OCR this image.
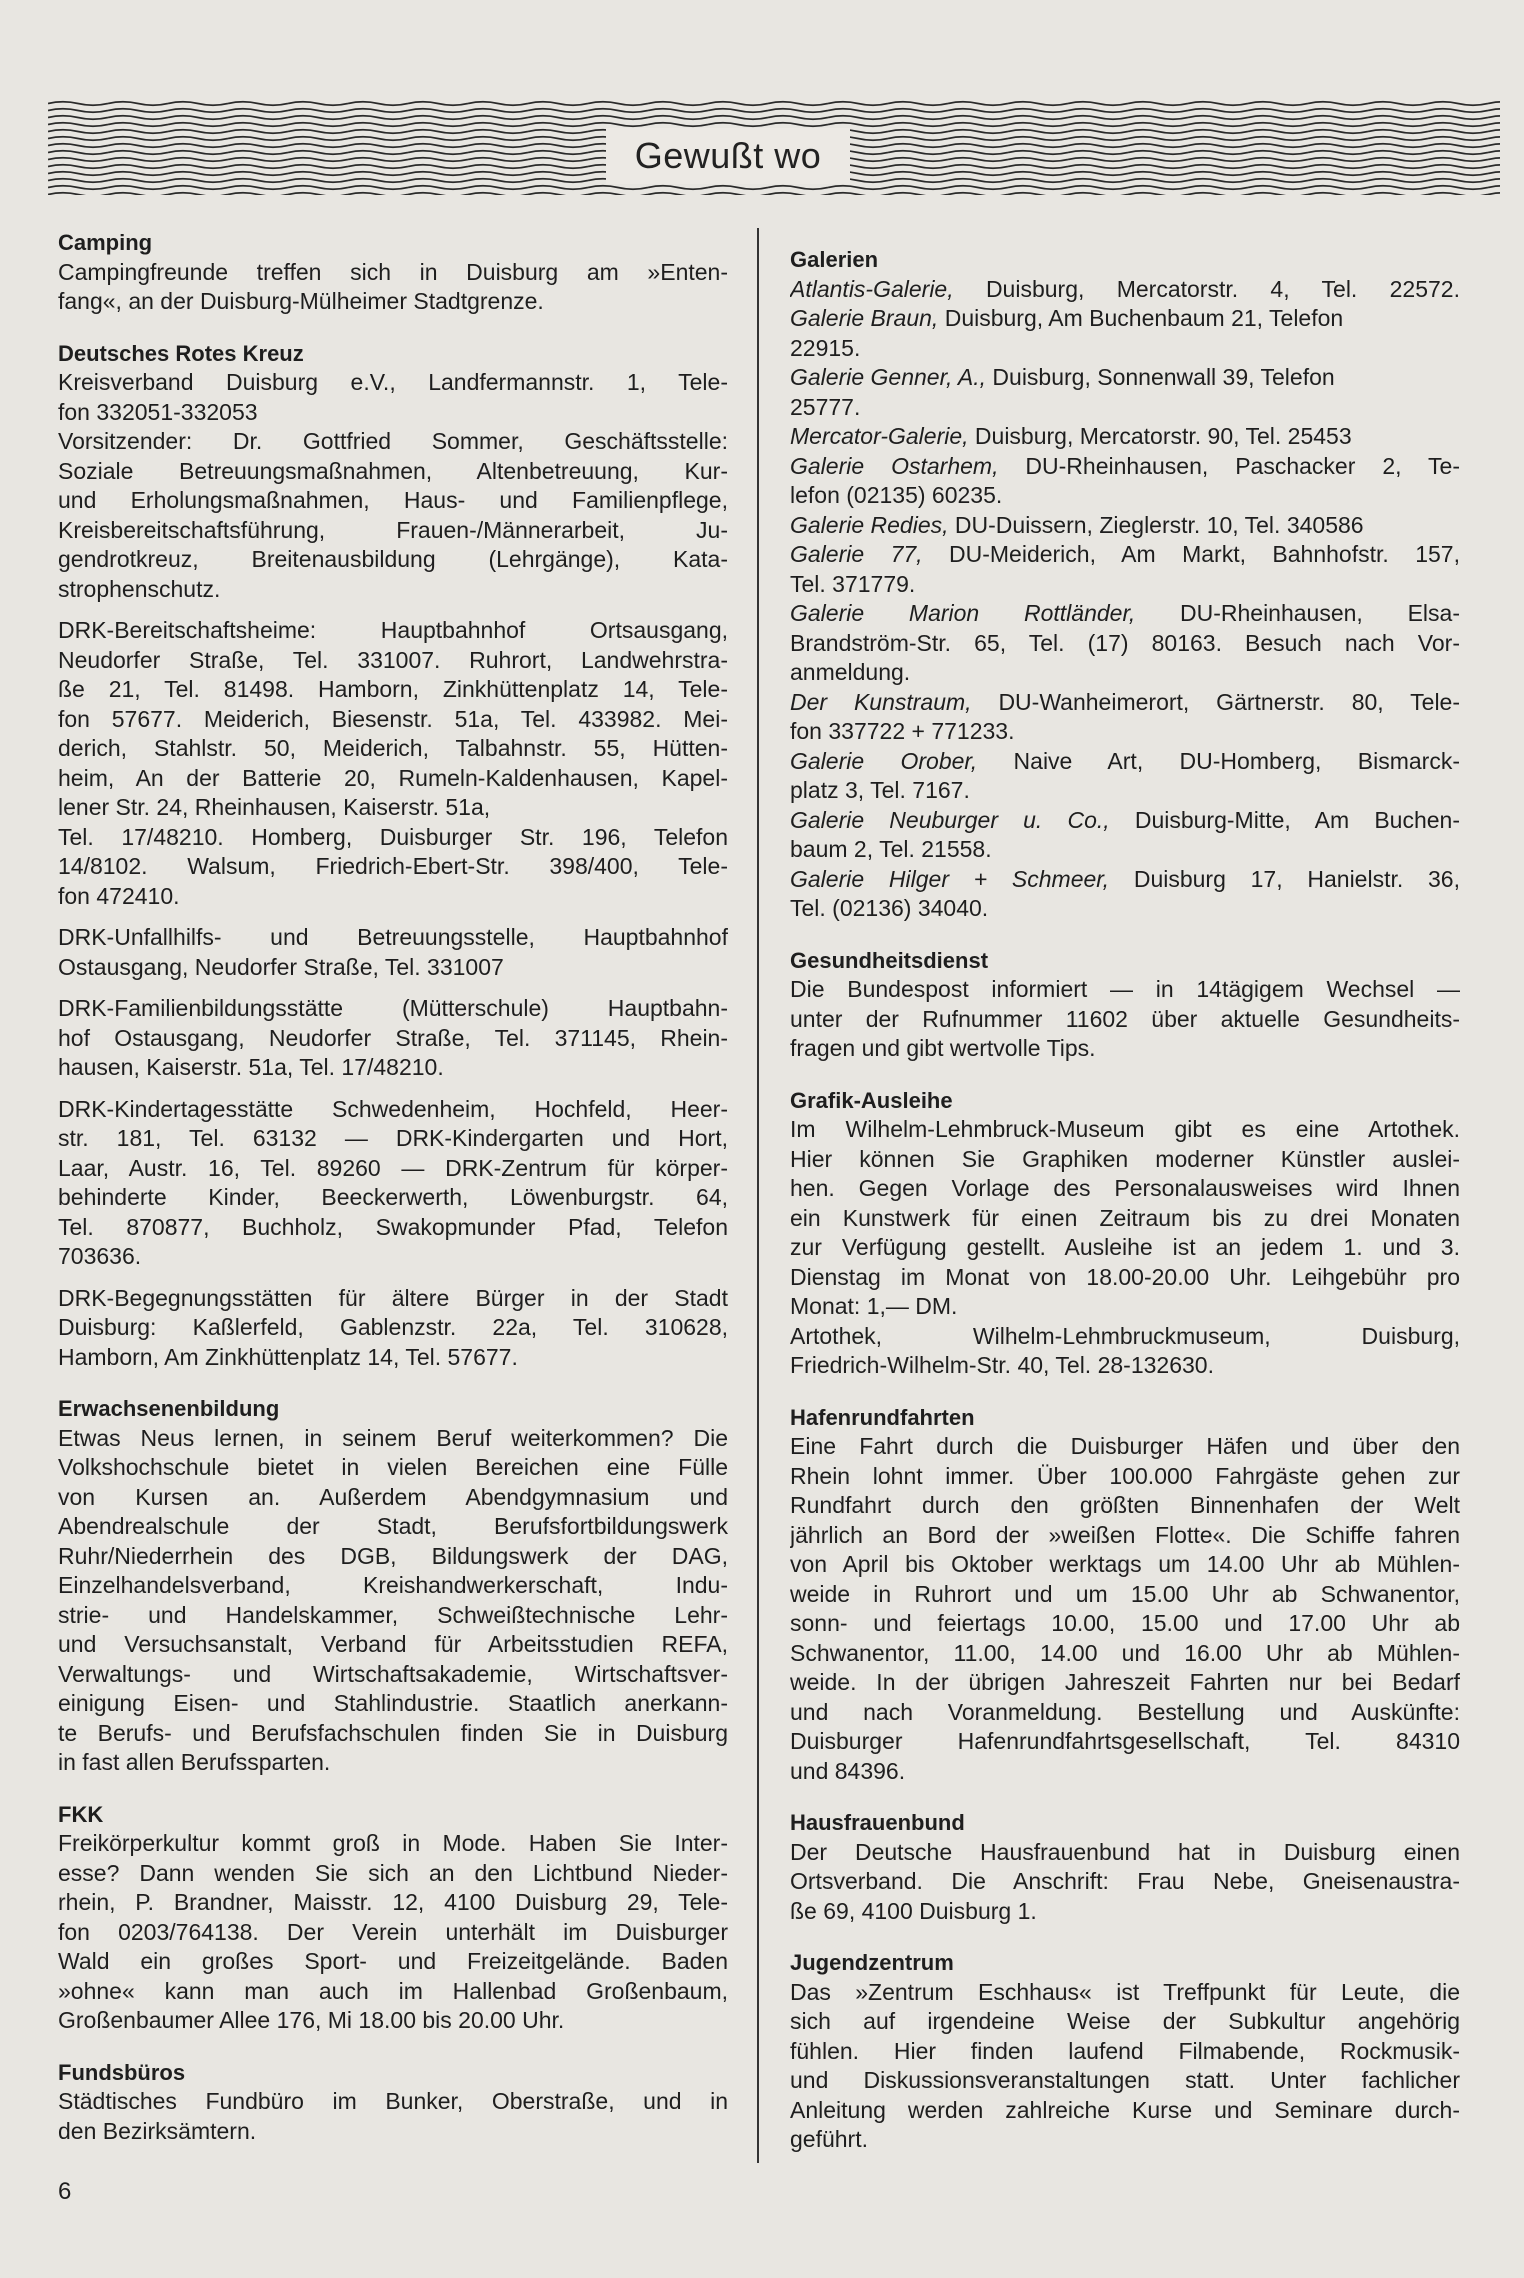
Gewußt wo
Camping
Campingfreunde treffen sich in Duisburg am »Enten-
fang«, an der Duisburg-Mülheimer Stadtgrenze.
Deutsches Rotes Kreuz
Kreisverband Duisburg e.V., Landfermannstr. 1, Tele-
fon 332051-332053
Vorsitzender: Dr. Gottfried Sommer, Geschäftsstelle:
Soziale Betreuungsmaßnahmen, Altenbetreuung, Kur-
und Erholungsmaßnahmen, Haus- und Familienpflege,
Kreisbereitschaftsführung, Frauen-/Männerarbeit, Ju-
gendrotkreuz, Breitenausbildung (Lehrgänge), Kata-
strophenschutz.
DRK-Bereitschaftsheime: Hauptbahnhof Ortsausgang,
Neudorfer Straße, Tel. 331007. Ruhrort, Landwehrstra-
ße 21, Tel. 81498. Hamborn, Zinkhüttenplatz 14, Tele-
fon 57677. Meiderich, Biesenstr. 51a, Tel. 433982. Mei-
derich, Stahlstr. 50, Meiderich, Talbahnstr. 55, Hütten-
heim, An der Batterie 20, Rumeln-Kaldenhausen, Kapel-
lener Str. 24, Rheinhausen, Kaiserstr. 51a,
Tel. 17/48210. Homberg, Duisburger Str. 196, Telefon
14/8102. Walsum, Friedrich-Ebert-Str. 398/400, Tele-
fon 472410.
DRK-Unfallhilfs- und Betreuungsstelle, Hauptbahnhof
Ostausgang, Neudorfer Straße, Tel. 331007
DRK-Familienbildungsstätte (Mütterschule) Hauptbahn-
hof Ostausgang, Neudorfer Straße, Tel. 371145, Rhein-
hausen, Kaiserstr. 51a, Tel. 17/48210.
DRK-Kindertagesstätte Schwedenheim, Hochfeld, Heer-
str. 181, Tel. 63132 — DRK-Kindergarten und Hort,
Laar, Austr. 16, Tel. 89260 — DRK-Zentrum für körper-
behinderte Kinder, Beeckerwerth, Löwenburgstr. 64,
Tel. 870877, Buchholz, Swakopmunder Pfad, Telefon
703636.
DRK-Begegnungsstätten für ältere Bürger in der Stadt
Duisburg: Kaßlerfeld, Gablenzstr. 22a, Tel. 310628,
Hamborn, Am Zinkhüttenplatz 14, Tel. 57677.
Erwachsenenbildung
Etwas Neus lernen, in seinem Beruf weiterkommen? Die
Volkshochschule bietet in vielen Bereichen eine Fülle
von Kursen an. Außerdem Abendgymnasium und
Abendrealschule der Stadt, Berufsfortbildungswerk
Ruhr/Niederrhein des DGB, Bildungswerk der DAG,
Einzelhandelsverband, Kreishandwerkerschaft, Indu-
strie- und Handelskammer, Schweißtechnische Lehr-
und Versuchsanstalt, Verband für Arbeitsstudien REFA,
Verwaltungs- und Wirtschaftsakademie, Wirtschaftsver-
einigung Eisen- und Stahlindustrie. Staatlich anerkann-
te Berufs- und Berufsfachschulen finden Sie in Duisburg
in fast allen Berufssparten.
FKK
Freikörperkultur kommt groß in Mode. Haben Sie Inter-
esse? Dann wenden Sie sich an den Lichtbund Nieder-
rhein, P. Brandner, Maisstr. 12, 4100 Duisburg 29, Tele-
fon 0203/764138. Der Verein unterhält im Duisburger
Wald ein großes Sport- und Freizeitgelände. Baden
»ohne« kann man auch im Hallenbad Großenbaum,
Großenbaumer Allee 176, Mi 18.00 bis 20.00 Uhr.
Fundsbüros
Städtisches Fundbüro im Bunker, Oberstraße, und in
den Bezirksämtern.
Galerien
Atlantis-Galerie, Duisburg, Mercatorstr. 4, Tel. 22572.
Galerie Braun, Duisburg, Am Buchenbaum 21, Telefon
22915.
Galerie Genner, A., Duisburg, Sonnenwall 39, Telefon
25777.
Mercator-Galerie, Duisburg, Mercatorstr. 90, Tel. 25453
Galerie Ostarhem, DU-Rheinhausen, Paschacker 2, Te-
lefon (02135) 60235.
Galerie Redies, DU-Duissern, Zieglerstr. 10, Tel. 340586
Galerie 77, DU-Meiderich, Am Markt, Bahnhofstr. 157,
Tel. 371779.
Galerie Marion Rottländer, DU-Rheinhausen, Elsa-
Brandström-Str. 65, Tel. (17) 80163. Besuch nach Vor-
anmeldung.
Der Kunstraum, DU-Wanheimerort, Gärtnerstr. 80, Tele-
fon 337722 + 771233.
Galerie Orober, Naive Art, DU-Homberg, Bismarck-
platz 3, Tel. 7167.
Galerie Neuburger u. Co., Duisburg-Mitte, Am Buchen-
baum 2, Tel. 21558.
Galerie Hilger + Schmeer, Duisburg 17, Hanielstr. 36,
Tel. (02136) 34040.
Gesundheitsdienst
Die Bundespost informiert — in 14tägigem Wechsel —
unter der Rufnummer 11602 über aktuelle Gesundheits-
fragen und gibt wertvolle Tips.
Grafik-Ausleihe
Im Wilhelm-Lehmbruck-Museum gibt es eine Artothek.
Hier können Sie Graphiken moderner Künstler auslei-
hen. Gegen Vorlage des Personalausweises wird Ihnen
ein Kunstwerk für einen Zeitraum bis zu drei Monaten
zur Verfügung gestellt. Ausleihe ist an jedem 1. und 3.
Dienstag im Monat von 18.00-20.00 Uhr. Leihgebühr pro
Monat: 1,— DM.
Artothek, Wilhelm-Lehmbruckmuseum, Duisburg,
Friedrich-Wilhelm-Str. 40, Tel. 28-132630.
Hafenrundfahrten
Eine Fahrt durch die Duisburger Häfen und über den
Rhein lohnt immer. Über 100.000 Fahrgäste gehen zur
Rundfahrt durch den größten Binnenhafen der Welt
jährlich an Bord der »weißen Flotte«. Die Schiffe fahren
von April bis Oktober werktags um 14.00 Uhr ab Mühlen-
weide in Ruhrort und um 15.00 Uhr ab Schwanentor,
sonn- und feiertags 10.00, 15.00 und 17.00 Uhr ab
Schwanentor, 11.00, 14.00 und 16.00 Uhr ab Mühlen-
weide. In der übrigen Jahreszeit Fahrten nur bei Bedarf
und nach Voranmeldung. Bestellung und Auskünfte:
Duisburger Hafenrundfahrtsgesellschaft, Tel. 84310
und 84396.
Hausfrauenbund
Der Deutsche Hausfrauenbund hat in Duisburg einen
Ortsverband. Die Anschrift: Frau Nebe, Gneisenaustra-
ße 69, 4100 Duisburg 1.
Jugendzentrum
Das »Zentrum Eschhaus« ist Treffpunkt für Leute, die
sich auf irgendeine Weise der Subkultur angehörig
fühlen. Hier finden laufend Filmabende, Rockmusik-
und Diskussionsveranstaltungen statt. Unter fachlicher
Anleitung werden zahlreiche Kurse und Seminare durch-
geführt.
6
